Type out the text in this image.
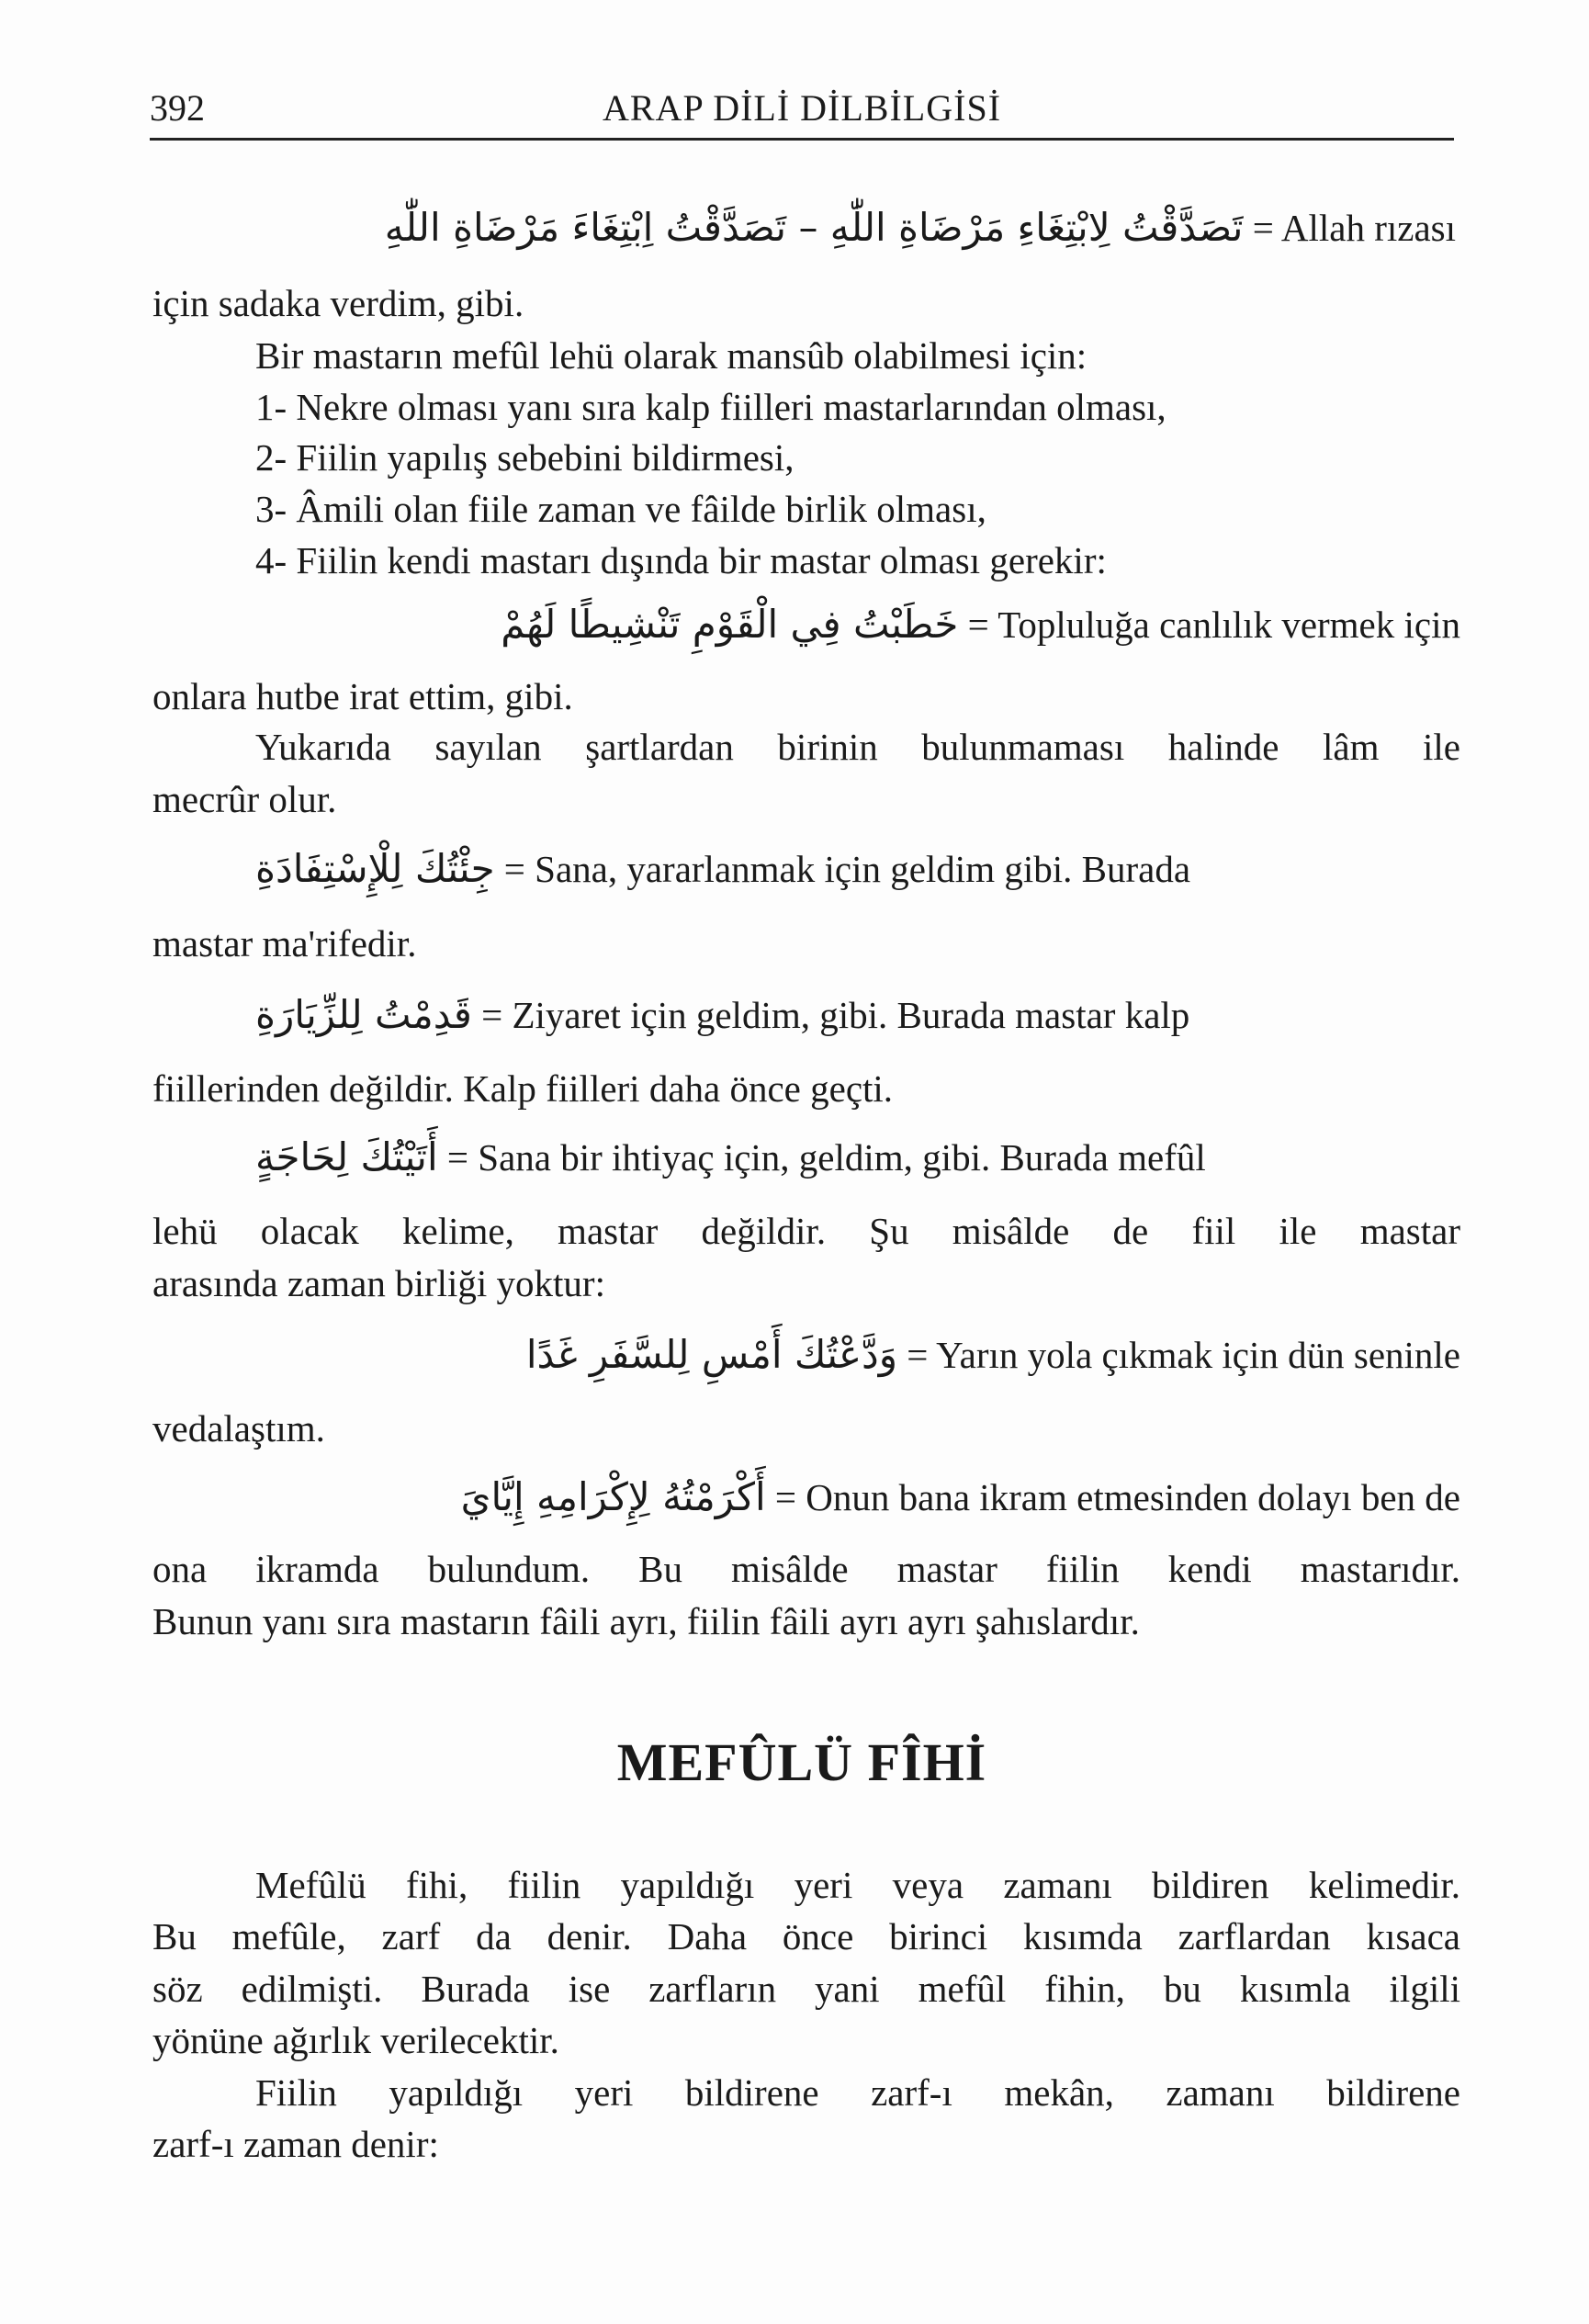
392	ARAP DİLİ DİLBİLGİSİ
تَصَدَّقْتُ لِابْتِغَاءِ مَرْضَاةِ اللّٰهِ – تَصَدَّقْتُ اِبْتِغَاءَ مَرْضَاةِ اللّٰهِ = Allah rızası
için sadaka verdim, gibi.
Bir mastarın mefûl lehü olarak mansûb olabilmesi için:
1- Nekre olması yanı sıra kalp fiilleri mastarlarından olması,
2- Fiilin yapılış sebebini bildirmesi,
3- Âmili olan fiile zaman ve fâilde birlik olması,
4- Fiilin kendi mastarı dışında bir mastar olması gerekir:
خَطَبْتُ فِي الْقَوْمِ تَنْشِيطًا لَهُمْ = Topluluğa canlılık vermek için
onlara hutbe irat ettim, gibi.
Yukarıda sayılan şartlardan birinin bulunmaması halinde lâm ile
mecrûr olur.
جِئْتُكَ لِلْإِسْتِفَادَةِ = Sana, yararlanmak için geldim gibi. Burada
mastar ma'rifedir.
قَدِمْتُ لِلزِّيَارَةِ = Ziyaret için geldim, gibi. Burada mastar kalp
fiillerinden değildir. Kalp fiilleri daha önce geçti.
أَتَيْتُكَ لِحَاجَةٍ = Sana bir ihtiyaç için, geldim, gibi. Burada mefûl
lehü olacak kelime, mastar değildir. Şu misâlde de fiil ile mastar
arasında zaman birliği yoktur:
وَدَّعْتُكَ أَمْسِ لِلسَّفَرِ غَدًا = Yarın yola çıkmak için dün seninle
vedalaştım.
أَكْرَمْتُهُ لِإِكْرَامِهِ إِيَّايَ = Onun bana ikram etmesinden dolayı ben de
ona ikramda bulundum. Bu misâlde mastar fiilin kendi mastarıdır.
Bunun yanı sıra mastarın fâili ayrı, fiilin fâili ayrı ayrı şahıslardır.
MEFÛLÜ FÎHİ
Mefûlü fihi, fiilin yapıldığı yeri veya zamanı bildiren kelimedir.
Bu mefûle, zarf da denir. Daha önce birinci kısımda zarflardan kısaca
söz edilmişti. Burada ise zarfların yani mefûl fihin, bu kısımla ilgili
yönüne ağırlık verilecektir.
Fiilin yapıldığı yeri bildirene zarf-ı mekân, zamanı bildirene
zarf-ı zaman denir:
